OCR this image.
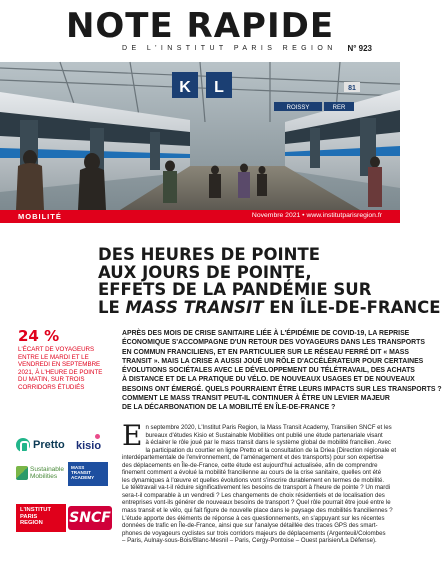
NOTE RAPIDE
DE L'INSTITUT PARIS REGION N° 923
K L
ROISSY	RER
81
MOBILITÉ	Novembre 2021 • www.institutparisregion.fr
DES HEURES DE POINTE
AUX JOURS DE POINTE,
EFFETS DE LA PANDÉMIE SUR
LE MASS TRANSIT EN ÎLE-DE-FRANCE
24 %
L'ÉCART DE VOYAGEURS ENTRE LE MARDI ET LE VENDREDI EN SEPTEMBRE 2021, À L'HEURE DE POINTE DU MATIN, SUR TROIS CORRIDORS ÉTUDIÉS
APRÈS DES MOIS DE CRISE SANITAIRE LIÉE À L'ÉPIDÉMIE DE COVID-19, LA REPRISE
ÉCONOMIQUE S'ACCOMPAGNE D'UN RETOUR DES VOYAGEURS DANS LES TRANSPORTS
EN COMMUN FRANCILIENS, ET EN PARTICULIER SUR LE RÉSEAU FERRÉ DIT « MASS
TRANSIT ». MAIS LA CRISE A AUSSI JOUÉ UN RÔLE D'ACCÉLÉRATEUR POUR CERTAINES
ÉVOLUTIONS SOCIÉTALES AVEC LE DÉVELOPPEMENT DU TÉLÉTRAVAIL, DES ACHATS
À DISTANCE ET DE LA PRATIQUE DU VÉLO. DE NOUVEAUX USAGES ET DE NOUVEAUX
BESOINS ONT ÉMERGÉ. QUELS POURRAIENT ÊTRE LEURS IMPACTS SUR LES TRANSPORTS ?
COMMENT LE MASS TRANSIT PEUT-IL CONTINUER À ÊTRE UN LEVIER MAJEUR
DE LA DÉCARBONATION DE LA MOBILITÉ EN ÎLE-DE-FRANCE ?
E n septembre 2020, L'Institut Paris Region, la Mass Transit Academy, Transilien SNCF et les
bureaux d'études Kisio et Sustainable Mobilities ont publié une étude partenariale visant
à éclairer le rôle joué par le mass transit dans le système global de mobilité francilien. Avec
la participation du courtier en ligne Pretto et la consultation de la Driea (Direction régionale et
interdépartementale de l'environnement, de l'aménagement et des transports) pour son expertise
des déplacements en Île-de-France, cette étude est aujourd'hui actualisée, afin de comprendre
finement comment a évolué la mobilité francilienne au cours de la crise sanitaire, quelles ont été
les dynamiques à l'œuvre et quelles évolutions vont s'inscrire durablement en termes de mobilité.
Le télétravail va-t-il réduire significativement les besoins de transport à l'heure de pointe ? Un mardi
sera-t-il comparable à un vendredi ? Les changements de choix résidentiels et de localisation des
entreprises vont-ils générer de nouveaux besoins de transport ? Quel rôle pourrait être joué entre le
mass transit et le vélo, qui fait figure de nouvelle place dans le paysage des mobilités franciliennes ?
L'étude apporte des éléments de réponse à ces questionnements, en s'appuyant sur les récentes
données de trafic en Île-de-France, ainsi que sur l'analyse détaillée des traces GPS des smart-
phones de voyageurs cyclistes sur trois corridors majeurs de déplacements (Argenteuil/Colombes
– Paris, Aulnay-sous-Bois/Blanc-Mesnil – Paris, Cergy-Pontoise – Ouest parisien/La Défense).
Pretto kisio
Sustainable
Mobilities
MASS
TRANSIT
ACADEMY
L'INSTITUT
PARIS
REGION	SNCF
